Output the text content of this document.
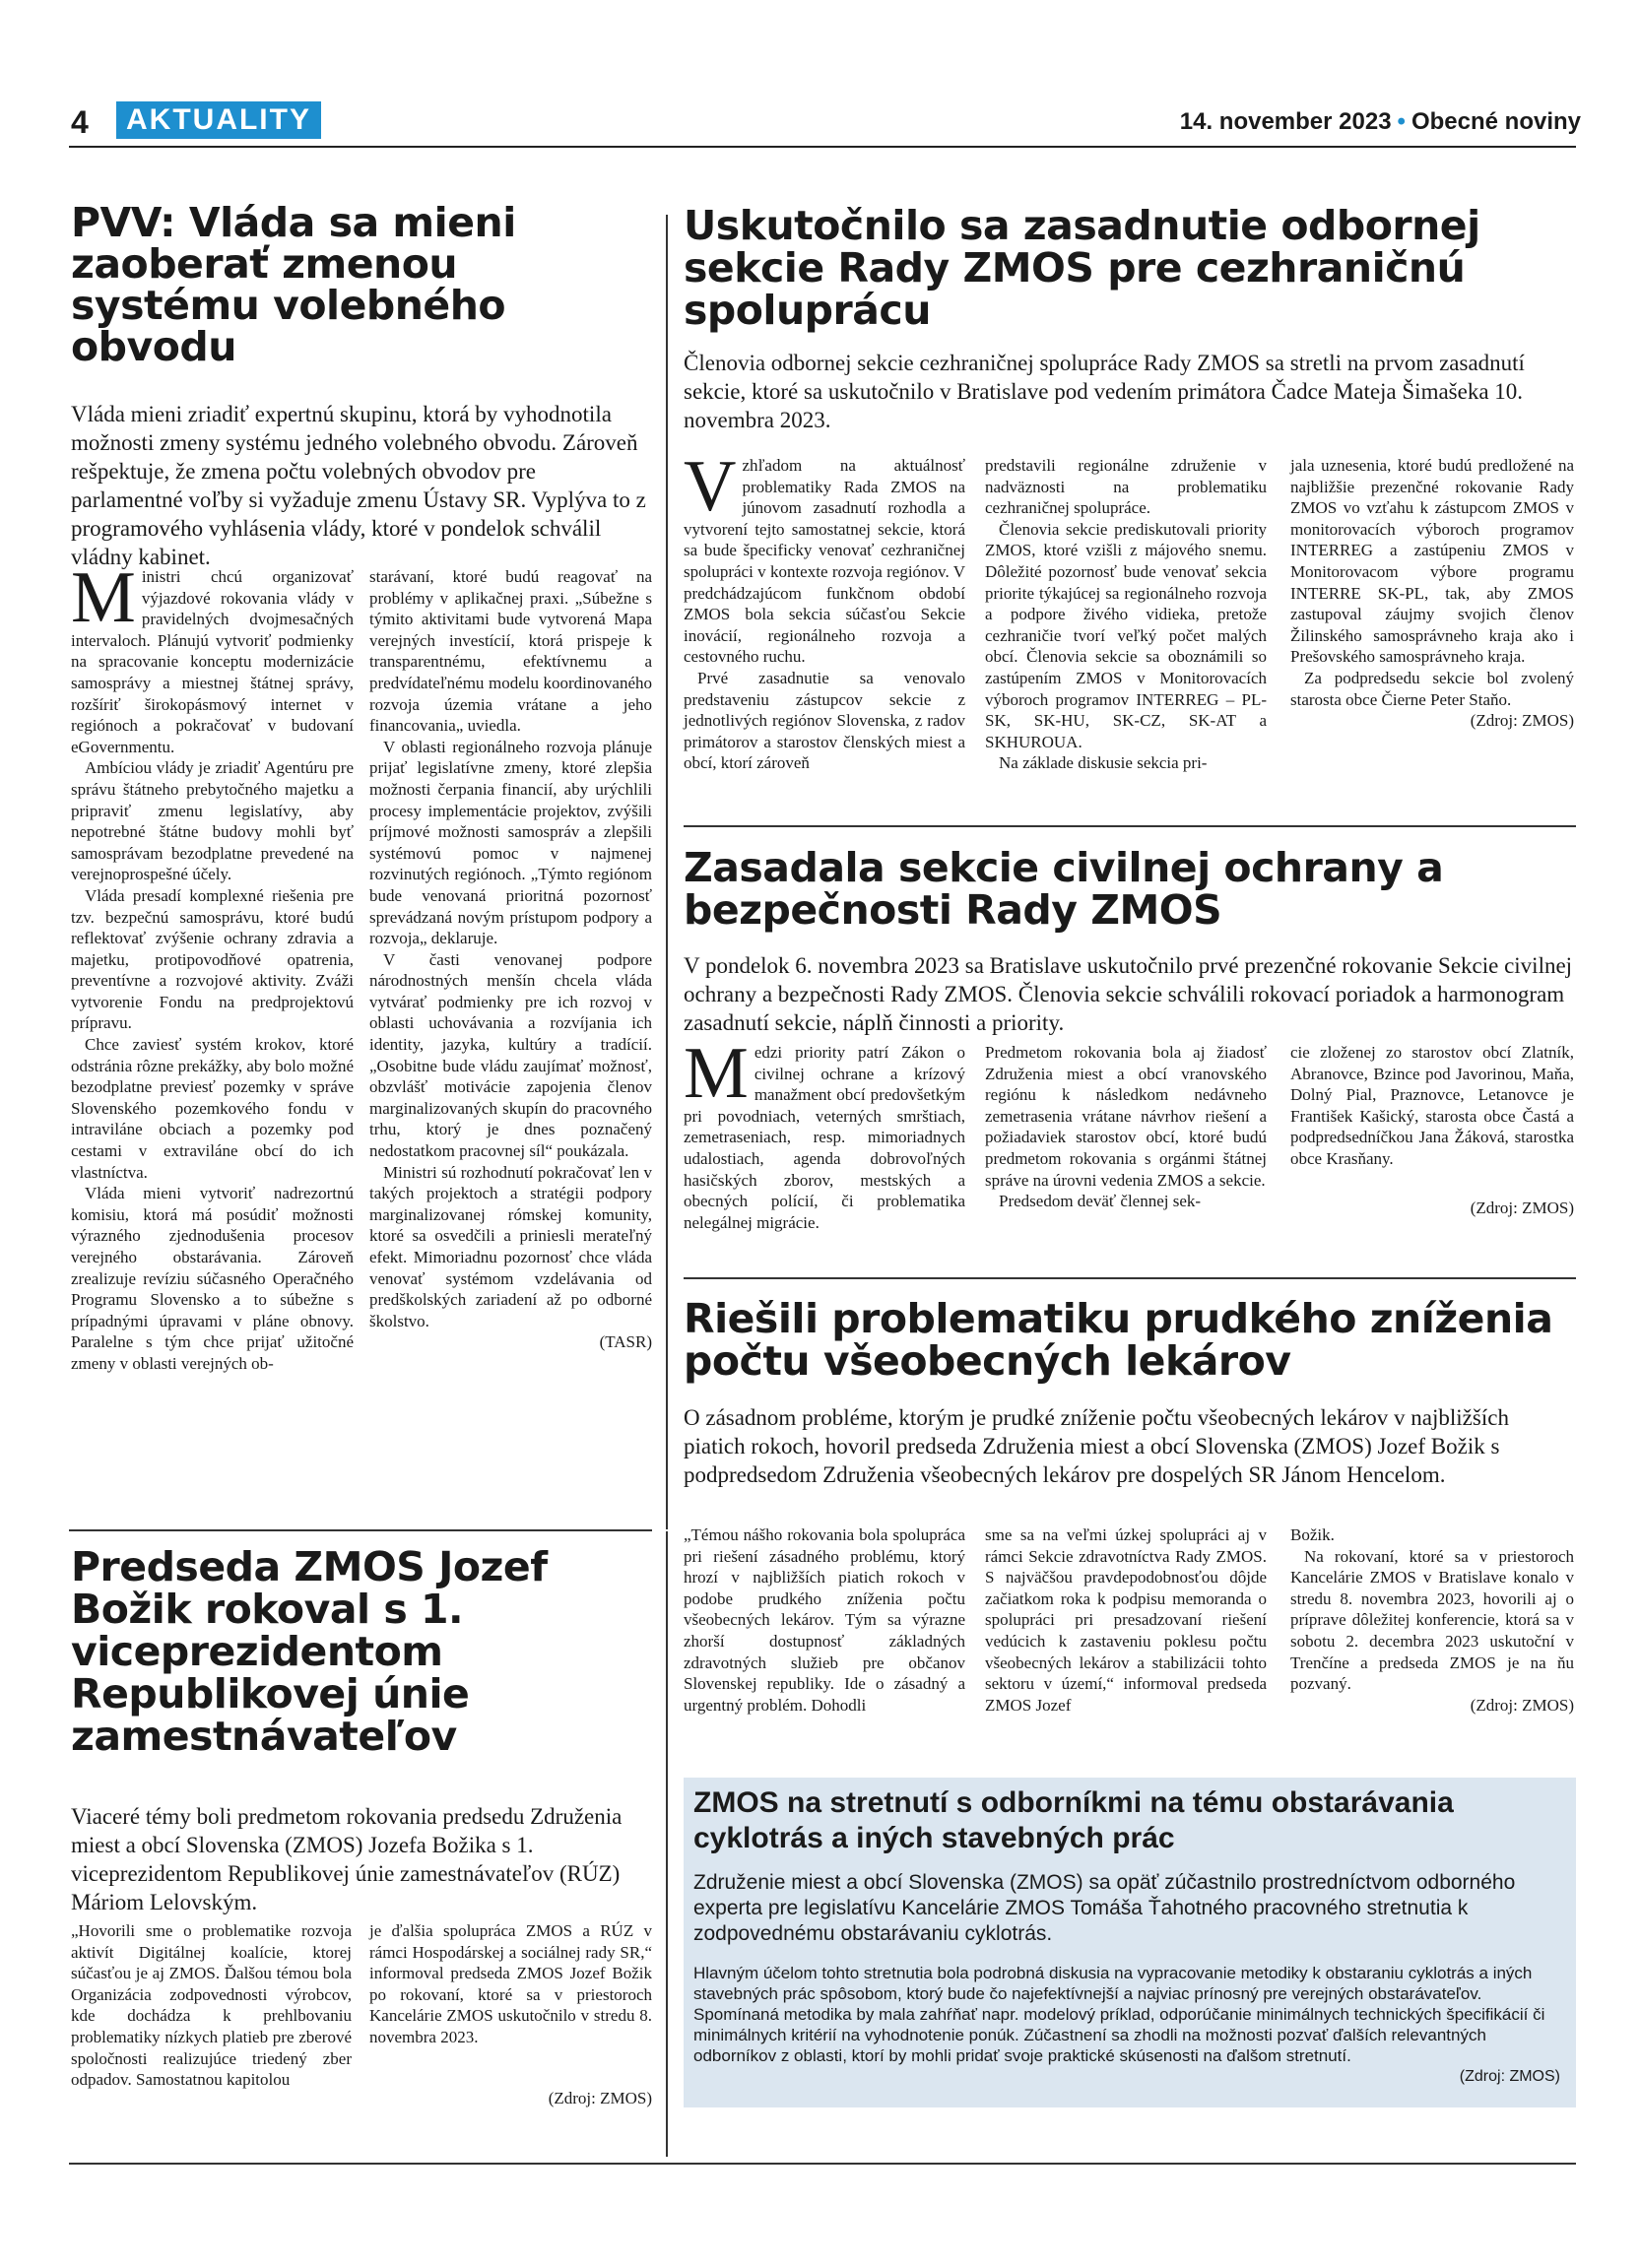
4	AKTUALITY	14. november 2023 • Obecné noviny
PVV: Vláda sa mieni zaoberať zmenou systému volebného obvodu

Vláda mieni zriadiť expertnú skupinu, ktorá by vyhodnotila možnosti zmeny systému jedného volebného obvodu. Zároveň rešpektuje, že zmena počtu volebných obvodov pre parlamentné voľby si vyžaduje zmenu Ústavy SR. Vyplýva to z programového vyhlásenia vlády, ktoré v pondelok schválil vládny kabinet.

M inistri chcú organizovať výjazdové rokovania vlády v pravidelných dvojmesačných intervaloch. Plánujú vytvoriť podmienky na spracovanie konceptu modernizácie samosprávy a miestnej štátnej správy, rozšíriť širokopásmový internet v regiónoch a pokračovať v budovaní eGovernmentu.

Ambíciou vlády je zriadiť Agentúru pre správu štátneho prebytočného majetku a pripraviť zmenu legislatívy, aby nepotrebné štátne budovy mohli byť samosprávam bezodplatne prevedené na verejnoprospešné účely.

Vláda presadí komplexné riešenia pre tzv. bezpečnú samosprávu, ktoré budú reflektovať zvýšenie ochrany zdravia a majetku, protipovodňové opatrenia, preventívne a rozvojové aktivity. Zváži vytvorenie Fondu na predprojektovú prípravu.

Chce zaviesť systém krokov, ktoré odstránia rôzne prekážky, aby bolo možné bezodplatne previesť pozemky v správe Slovenského pozemkového fondu v intraviláne obciach a pozemky pod cestami v extraviláne obcí do ich vlastníctva.

Vláda mieni vytvoriť nadrezortnú komisiu, ktorá má posúdiť možnosti výrazného zjednodušenia procesov verejného obstarávania. Zároveň zrealizuje revíziu súčasného Operačného Programu Slovensko a to súbežne s prípadnými úpravami v pláne obnovy. Paralelne s tým chce prijať užitočné zmeny v oblasti verejných ob-

starávaní, ktoré budú reagovať na problémy v aplikačnej praxi. „Súbežne s týmito aktivitami bude vytvorená Mapa verejných investícií, ktorá prispeje k transparentnému, efektívnemu a predvídateľnému modelu koordinovaného rozvoja územia vrátane a jeho financovania„ uviedla.

V oblasti regionálneho rozvoja plánuje prijať legislatívne zmeny, ktoré zlepšia možnosti čerpania financií, aby urýchlili procesy implementácie projektov, zvýšili príjmové možnosti samospráv a zlepšili systémovú pomoc v najmenej rozvinutých regiónoch. „Týmto regiónom bude venovaná prioritná pozornosť sprevádzaná novým prístupom podpory a rozvoja„ deklaruje.

V časti venovanej podpore národnostných menšín chcela vláda vytvárať podmienky pre ich rozvoj v oblasti uchovávania a rozvíjania ich identity, jazyka, kultúry a tradícií. „Osobitne bude vládu zaujímať možnosť, obzvlášť motivácie zapojenia členov marginalizovaných skupín do pracovného trhu, ktorý je dnes poznačený nedostatkom pracovnej síl“ poukázala.

Ministri sú rozhodnutí pokračovať len v takých projektoch a stratégii podpory marginalizovanej rómskej komunity, ktoré sa osvedčili a priniesli merateľný efekt. Mimoriadnu pozornosť chce vláda venovať systémom vzdelávania od predškolských zariadení až po odborné školstvo.

(TASR)

Uskutočnilo sa zasadnutie odbornej sekcie Rady ZMOS pre cezhraničnú spoluprácu

Členovia odbornej sekcie cezhraničnej spolupráce Rady ZMOS sa stretli na prvom zasadnutí sekcie, ktoré sa uskutočnilo v Bratislave pod vedením primátora Čadce Mateja Šimašeka 10. novembra 2023.

V zhľadom na aktuálnosť problematiky Rada ZMOS na júnovom zasadnutí rozhodla a vytvorení tejto samostatnej sekcie, ktorá sa bude špecificky venovať cezhraničnej spolupráci v kontexte rozvoja regiónov. V predchádzajúcom funkčnom období ZMOS bola sekcia súčasťou Sekcie inovácií, regionálneho rozvoja a cestovného ruchu.

Prvé zasadnutie sa venovalo predstaveniu zástupcov sekcie z jednotlivých regiónov Slovenska, z radov primátorov a starostov členských miest a obcí, ktorí zároveň

predstavili regionálne združenie v nadväznosti na problematiku cezhraničnej spolupráce.

Členovia sekcie prediskutovali priority ZMOS, ktoré vzišli z májového snemu. Dôležité pozornosť bude venovať sekcia priorite týkajúcej sa regionálneho rozvoja a podpore živého vidieka, pretože cezhraničie tvorí veľký počet malých obcí. Členovia sekcie sa oboznámili so zastúpením ZMOS v Monitorovacích výboroch programov INTERREG – PL-SK, SK-HU, SK-CZ, SK-AT a SKHUROUA.

Na základe diskusie sekcia pri-

jala uznesenia, ktoré budú predložené na najbližšie prezenčné rokovanie Rady ZMOS vo vzťahu k zástupcom ZMOS v monitorovacích výboroch programov INTERREG a zastúpeniu ZMOS v Monitorovacom výbore programu INTERRE SK-PL, tak, aby ZMOS zastupoval záujmy svojich členov Žilinského samosprávneho kraja ako i Prešovského samosprávneho kraja.

Za podpredsedu sekcie bol zvolený starosta obce Čierne Peter Staňo.

(Zdroj: ZMOS)

Zasadala sekcie civilnej ochrany a bezpečnosti Rady ZMOS

V pondelok 6. novembra 2023 sa Bratislave uskutočnilo prvé prezenčné rokovanie Sekcie civilnej ochrany a bezpečnosti Rady ZMOS. Členovia sekcie schválili rokovací poriadok a harmonogram zasadnutí sekcie, náplň činnosti a priority.

M edzi priority patrí Zákon o civilnej ochrane a krízový manažment obcí predovšetkým pri povodniach, veterných smrštiach, zemetraseniach, resp. mimoriadnych udalostiach, agenda dobrovoľných hasičských zborov, mestských a obecných polícií, či problematika nelegálnej migrácie.

Predmetom rokovania bola aj žiadosť Združenia miest a obcí vranovského regiónu k následkom nedávneho zemetrasenia vrátane návrhov riešení a požiadaviek starostov obcí, ktoré budú predmetom rokovania s orgánmi štátnej správe na úrovni vedenia ZMOS a sekcie.

Predsedom deväť člennej sek-

cie zloženej zo starostov obcí Zlatník, Abranovce, Bzince pod Javorinou, Maňa, Dolný Pial, Praznovce, Letanovce je František Kašický, starosta obce Častá a podpredsedníčkou Jana Žáková, starostka obce Krasňany.

(Zdroj: ZMOS)

Riešili problematiku prudkého zníženia počtu všeobecných lekárov

O zásadnom probléme, ktorým je prudké zníženie počtu všeobecných lekárov v najbližších piatich rokoch, hovoril predseda Združenia miest a obcí Slovenska (ZMOS) Jozef Božik s podpredsedom Združenia všeobecných lekárov pre dospelých SR Jánom Hencelom.

„Témou nášho rokovania bola spolupráca pri riešení zásadného problému, ktorý hrozí v najbližších piatich rokoch v podobe prudkého zníženia počtu všeobecných lekárov. Tým sa výrazne zhorší dostupnosť základných zdravotných služieb pre občanov Slovenskej republiky. Ide o zásadný a urgentný problém. Dohodli

sme sa na veľmi úzkej spolupráci aj v rámci Sekcie zdravotníctva Rady ZMOS. S najväčšou pravdepodobnosťou dôjde začiatkom roka k podpisu memoranda o spolupráci pri presadzovaní riešení vedúcich k zastaveniu poklesu počtu všeobecných lekárov a stabilizácii tohto sektoru v území,“ informoval predseda ZMOS Jozef

Božik.

Na rokovaní, ktoré sa v priestoroch Kancelárie ZMOS v Bratislave konalo v stredu 8. novembra 2023, hovorili aj o príprave dôležitej konferencie, ktorá sa v sobotu 2. decembra 2023 uskutoční v Trenčíne a predseda ZMOS je na ňu pozvaný.

(Zdroj: ZMOS)

Predseda ZMOS Jozef Božik rokoval s 1. viceprezidentom Republikovej únie zamestnávateľov

Viaceré témy boli predmetom rokovania predsedu Združenia miest a obcí Slovenska (ZMOS) Jozefa Božika s 1. viceprezidentom Republikovej únie zamestnávateľov (RÚZ) Máriom Lelovským.

„Hovorili sme o problematike rozvoja aktivít Digitálnej koalície, ktorej súčasťou je aj ZMOS. Ďalšou témou bola Organizácia zodpovednosti výrobcov, kde dochádza k prehlbovaniu problematiky nízkych platieb pre zberové spoločnosti realizujúce triedený zber odpadov. Samostatnou kapitolou

je ďalšia spolupráca ZMOS a RÚZ v rámci Hospodárskej a sociálnej rady SR,“ informoval predseda ZMOS Jozef Božik po rokovaní, ktoré sa v priestoroch Kancelárie ZMOS uskutočnilo v stredu 8. novembra 2023.

(Zdroj: ZMOS)

ZMOS na stretnutí s odborníkmi na tému obstarávania cyklotrás a iných stavebných prác

Združenie miest a obcí Slovenska (ZMOS) sa opäť zúčastnilo prostredníctvom odborného experta pre legislatívu Kancelárie ZMOS Tomáša Ťahotného pracovného stretnutia k zodpovednému obstarávaniu cyklotrás.

Hlavným účelom tohto stretnutia bola podrobná diskusia na vypracovanie metodiky k obstaraniu cyklotrás a iných stavebných prác spôsobom, ktorý bude čo najefektívnejší a najviac prínosný pre verejných obstarávateľov. Spomínaná metodika by mala zahŕňať napr. modelový príklad, odporúčanie minimálnych technických špecifikácií či minimálnych kritérií na vyhodnotenie ponúk. Zúčastnení sa zhodli na možnosti pozvať ďalších relevantných odborníkov z oblasti, ktorí by mohli pridať svoje praktické skúsenosti na ďalšom stretnutí.

(Zdroj: ZMOS)
